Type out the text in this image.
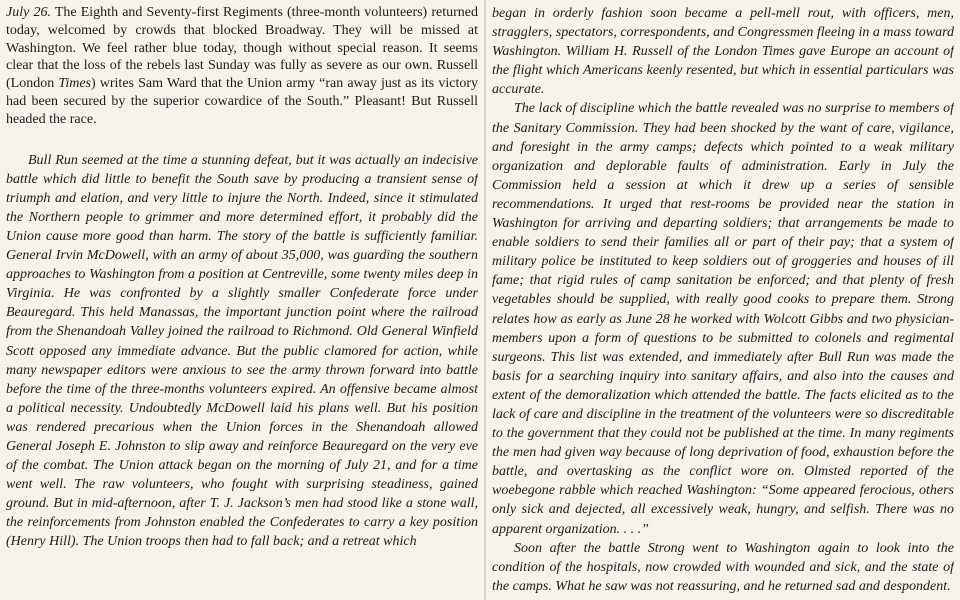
July 26. The Eighth and Seventy-first Regiments (three-month volunteers) returned today, welcomed by crowds that blocked Broadway. They will be missed at Washington. We feel rather blue today, though without special reason. It seems clear that the loss of the rebels last Sunday was fully as severe as our own. Russell (London Times) writes Sam Ward that the Union army “ran away just as its victory had been secured by the superior cowardice of the South.” Pleasant! But Russell headed the race.

Bull Run seemed at the time a stunning defeat, but it was actually an indecisive battle which did little to benefit the South save by producing a transient sense of triumph and elation, and very little to injure the North. Indeed, since it stimulated the Northern people to grimmer and more determined effort, it probably did the Union cause more good than harm. The story of the battle is sufficiently familiar. General Irvin McDowell, with an army of about 35,000, was guarding the southern approaches to Washington from a position at Centreville, some twenty miles deep in Virginia. He was confronted by a slightly smaller Confederate force under Beauregard. This held Manassas, the important junction point where the railroad from the Shenandoah Valley joined the railroad to Richmond. Old General Winfield Scott opposed any immediate advance. But the public clamored for action, while many newspaper editors were anxious to see the army thrown forward into battle before the time of the three-months volunteers expired. An offensive became almost a political necessity. Undoubtedly McDowell laid his plans well. But his position was rendered precarious when the Union forces in the Shenandoah allowed General Joseph E. Johnston to slip away and reinforce Beauregard on the very eve of the combat. The Union attack began on the morning of July 21, and for a time went well. The raw volunteers, who fought with surprising steadiness, gained ground. But in mid-afternoon, after T. J. Jackson’s men had stood like a stone wall, the reinforcements from Johnston enabled the Confederates to carry a key position (Henry Hill). The Union troops then had to fall back; and a retreat which

began in orderly fashion soon became a pell-mell rout, with officers, men, stragglers, spectators, correspondents, and Congressmen fleeing in a mass toward Washington. William H. Russell of the London Times gave Europe an account of the flight which Americans keenly resented, but which in essential particulars was accurate.

The lack of discipline which the battle revealed was no surprise to members of the Sanitary Commission. They had been shocked by the want of care, vigilance, and foresight in the army camps; defects which pointed to a weak military organization and deplorable faults of administration. Early in July the Commission held a session at which it drew up a series of sensible recommendations. It urged that rest-rooms be provided near the station in Washington for arriving and departing soldiers; that arrangements be made to enable soldiers to send their families all or part of their pay; that a system of military police be instituted to keep soldiers out of groggeries and houses of ill fame; that rigid rules of camp sanitation be enforced; and that plenty of fresh vegetables should be supplied, with really good cooks to prepare them. Strong relates how as early as June 28 he worked with Wolcott Gibbs and two physician-members upon a form of questions to be submitted to colonels and regimental surgeons. This list was extended, and immediately after Bull Run was made the basis for a searching inquiry into sanitary affairs, and also into the causes and extent of the demoralization which attended the battle. The facts elicited as to the lack of care and discipline in the treatment of the volunteers were so discreditable to the government that they could not be published at the time. In many regiments the men had given way because of long deprivation of food, exhaustion before the battle, and overtasking as the conflict wore on. Olmsted reported of the woebegone rabble which reached Washington: “Some appeared ferocious, others only sick and dejected, all excessively weak, hungry, and selfish. There was no apparent organization. . . .”

Soon after the battle Strong went to Washington again to look into the condition of the hospitals, now crowded with wounded and sick, and the state of the camps. What he saw was not reassuring, and he returned sad and despondent.
